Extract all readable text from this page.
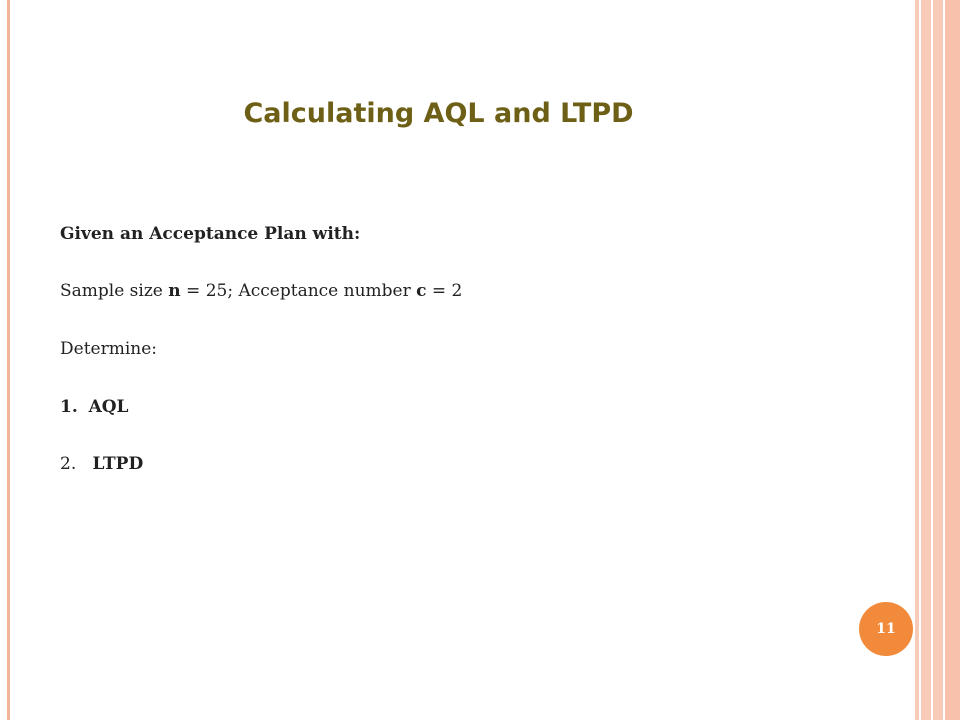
Calculating AQL and LTPD
Given an Acceptance Plan with:
Sample size n = 25; Acceptance number c = 2
Determine:
1. AQL
2. LTPD
11
